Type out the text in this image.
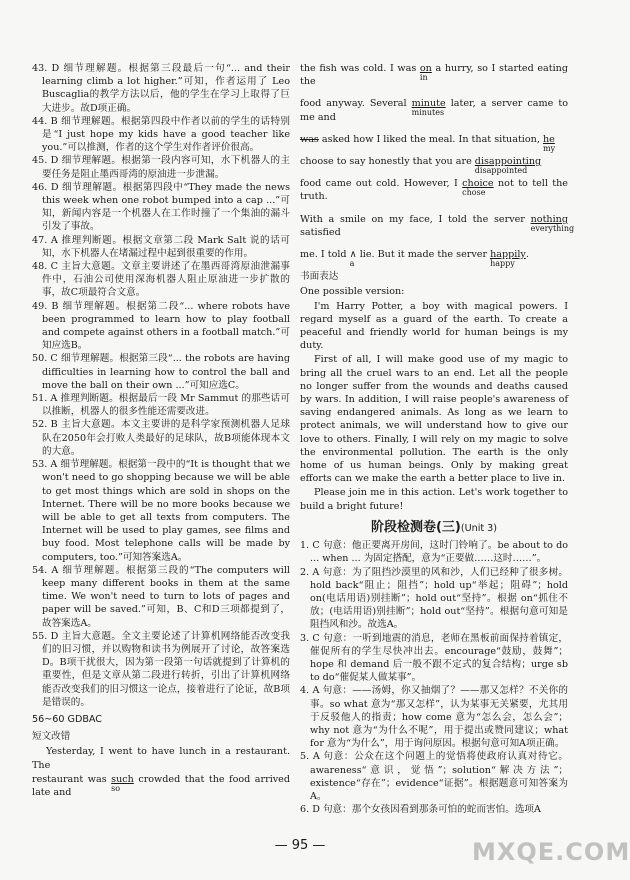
43. D 细节理解题。根据第三段最后一句“... and their learning climb a lot higher.”可知，作者运用了 Leo Buscaglia的教学方法以后，他的学生在学习上取得了巨大进步。故D项正确。
44. B 细节理解题。根据第四段中作者以前的学生的话特别是“I just hope my kids have a good teacher like you.”可以推测，作者的这个学生对作者评价很高。
45. D 细节理解题。根据第一段内容可知，水下机器人的主要任务是阻止墨西哥湾的原油进一步泄漏。
46. D 细节理解题。根据第四段中“They made the news this week when one robot bumped into a cap ...”可知，新闻内容是一个机器人在工作时撞了一个集油的漏斗引发了事故。
47. A 推理判断题。根据文章第二段 Mark Salt 说的话可知，水下机器人在堵漏过程中起到很重要的作用。
48. C 主旨大意题。文章主要讲述了在墨西哥湾原油泄漏事件中，石油公司使用深海机器人阻止原油进一步扩散的事，故C项最符合文意。
49. B 细节理解题。根据第二段“... where robots have been programmed to learn how to play football and compete against others in a football match.”可知应选B。
50. C 细节理解题。根据第三段“... the robots are having difficulties in learning how to control the ball and move the ball on their own ...”可知应选C。
51. A 推理判断题。根据最后一段 Mr Sammut 的那些话可以推断，机器人的很多性能还需要改进。
52. B 主旨大意题。本文主要讲的是科学家预测机器人足球队在2050年会打败人类最好的足球队，故B项能体现本文的大意。
53. A 细节理解题。根据第一段中的“It is thought that we won't need to go shopping because we will be able to get most things which are sold in shops on the Internet. There will be no more books because we will be able to get all texts from computers. The Internet will be used to play games, see films and buy food. Most telephone calls will be made by computers, too.”可知答案选A。
54. A 细节理解题。根据第三段的“The computers will keep many different books in them at the same time. We won't need to turn to lots of pages and paper will be saved.”可知，B、C和D三项都提到了，故答案选A。
55. D 主旨大意题。全文主要论述了计算机网络能否改变我们的旧习惯，并以购物和读书为例展开了讨论，故答案选D。B项干扰很大，因为第一段第一句话就提到了计算机的重要性，但是文章从第二段进行转折，引出了计算机网络能否改变我们的旧习惯这一论点，接着进行了论证，故B项是错误的。
56~60 GDBAC
短文改错
Yesterday, I went to have lunch in a restaurant. The
restaurant was such
so
crowded that the food arrived late and
the fish was cold. I was on
in
a hurry, so I started eating the
food anyway. Several minute
minutes
later, a server came to me and
was asked how I liked the meal. In that situation, he
my
choose to say honestly that you are disappointing
disappointed
food came out cold. However, I choice
chose
not to tell the truth.
With a smile on my face, I told the server nothing
everything
satisfied
me. I told ∧
a
lie. But it made the server happily
happy
.
书面表达
One possible version:
I'm Harry Potter, a boy with magical powers. I regard myself as a guard of the earth. To create a peaceful and friendly world for human beings is my duty.
First of all, I will make good use of my magic to bring all the cruel wars to an end. Let all the people no longer suffer from the wounds and deaths caused by wars. In addition, I will raise people's awareness of saving endangered animals. As long as we learn to protect animals, we will understand how to give our love to others. Finally, I will rely on my magic to solve the environmental pollution. The earth is the only home of us human beings. Only by making great efforts can we make the earth a better place to live in.
Please join me in this action. Let's work together to build a bright future!
阶段检测卷(三)(Unit 3)
1. C 句意：他正要离开房间，这时门铃响了。be about to do ... when ... 为固定搭配，意为“正要做……这时……”。
2. A 句意：为了阻挡沙漠里的风和沙，人们已经种了很多树。hold back“阻止；阻挡”；hold up“举起；阻碍”；hold on(电话用语)别挂断”；hold out“坚持”。根据 on“抓住不放；(电话用语)别挂断”；hold out“坚持”。根据句意可知是阻挡风和沙。故选A。
3. C 句意：一听到地震的消息，老师在黑板前面保持着镇定，催促所有的学生尽快冲出去。encourage“鼓励，鼓舞”；hope 和 demand 后一般不跟不定式的复合结构；urge sb to do“催促某人做某事”。
4. A 句意：——汤姆，你又抽烟了？——那又怎样？不关你的事。so what 意为“那又怎样”，认为某事无关紧要，尤其用于反驳他人的指责；how come 意为“怎么会，怎么会”；why not 意为“为什么不呢”，用于提出或赞同建议；what for 意为“为什么”，用于询问原因。根据句意可知A项正确。
5. A 句意：公众在这个问题上的觉悟将使政府认真对待它。awareness“意识，觉悟”；solution“解决方法”；existence“存在”；evidence“证据”。根据题意可知答案为A。
6. D 句意：那个女孩因看到那条可怕的蛇而害怕。选项A
— 95 —	MXQE.COM
